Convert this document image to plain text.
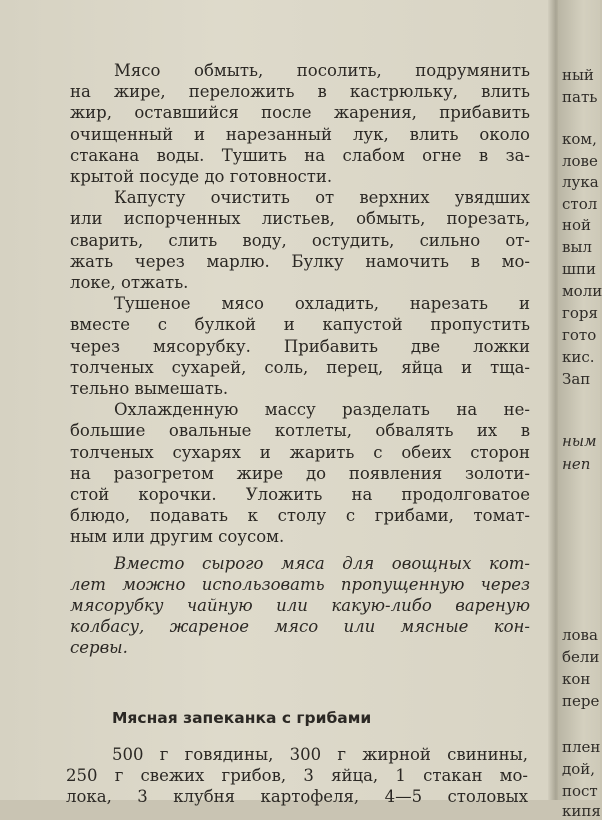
Мясо обмыть, посолить, подрумянить
на жире, переложить в кастрюльку, влить
жир, оставшийся после жарения, прибавить
очищенный и нарезанный лук, влить около
стакана воды. Тушить на слабом огне в за-
крытой посуде до готовности.

Капусту очистить от верхних увядших
или испорченных листьев, обмыть, порезать,
сварить, слить воду, остудить, сильно от-
жать через марлю. Булку намочить в мо-
локе, отжать.

Тушеное мясо охладить, нарезать и
вместе с булкой и капустой пропустить
через мясорубку. Прибавить две ложки
толченых сухарей, соль, перец, яйца и тща-
тельно вымешать.

Охлажденную массу разделать на не-
большие овальные котлеты, обвалять их в
толченых сухарях и жарить с обеих сторон
на разогретом жире до появления золоти-
стой корочки. Уложить на продолговатое
блюдо, подавать к столу с грибами, томат-
ным или другим соусом.

Вместо сырого мяса для овощных кот-
лет можно использовать пропущенную через
мясорубку чайную или какую-либо вареную
колбасу, жареное мясо или мясные кон-
сервы.

Мясная запеканка с грибами

500 г говядины, 300 г жирной свинины,
250 г свежих грибов, 3 яйца, 1 стакан мо-
лока, 3 клубня картофеля, 4—5 столовых

ный
пать
ком,
лове
лука
стол
ной
выл
шпи
моли
горя
гото
кис.
Зап
ным
неп
лова
бели
кон
пере
плен
дой,
пост
кипя
